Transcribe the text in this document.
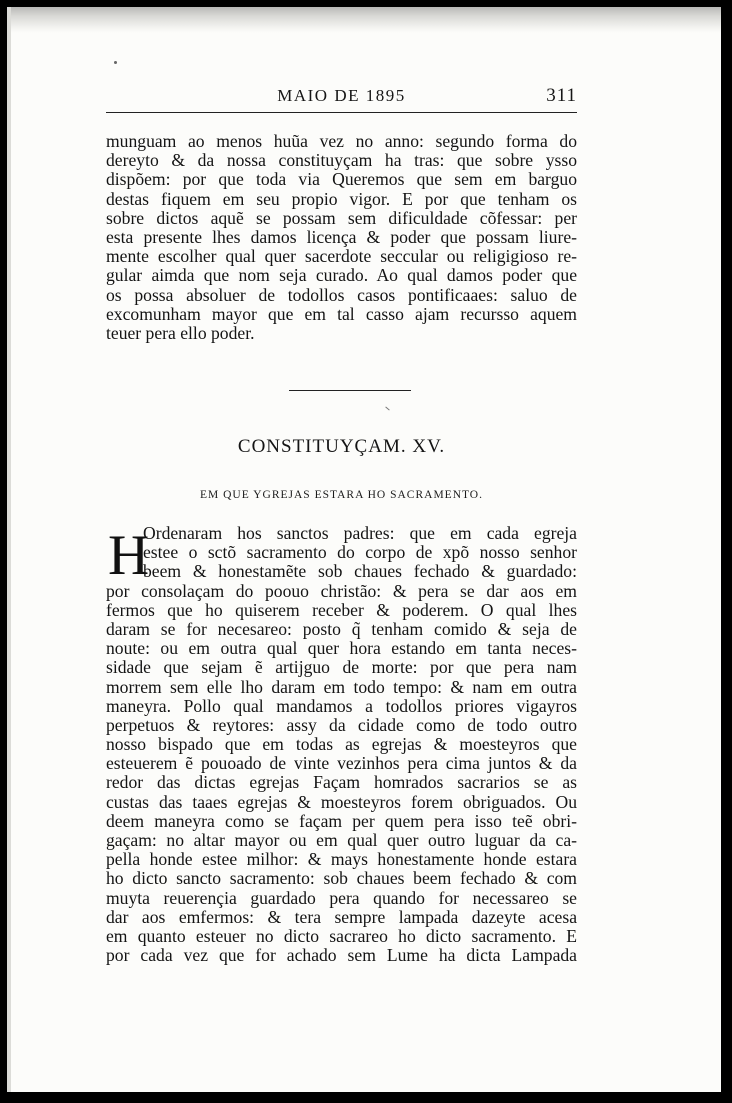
MAIO DE 1895	311
munguam ao menos huũa vez no anno: segundo forma do
dereyto & da nossa constituyçam ha tras: que sobre ysso
dispõem: por que toda via Queremos que sem em barguo
destas fiquem em seu propio vigor. E por que tenham os
sobre dictos aquẽ se possam sem dificuldade cõfessar: per
esta presente lhes damos licença & poder que possam liure-
mente escolher qual quer sacerdote seccular ou religigioso re-
gular aimda que nom seja curado. Ao qual damos poder que
os possa absoluer de todollos casos pontificaaes: saluo de
excomunham mayor que em tal casso ajam recursso aquem
teuer pera ello poder.
CONSTITUYÇAM. XV.
EM QUE YGREJAS ESTARA HO SACRAMENTO.
H
Ordenaram hos sanctos padres: que em cada egreja
estee o sctõ sacramento do corpo de xpõ nosso senhor
beem & honestamẽte sob chaues fechado & guardado:
por consolaçam do poouo christão: & pera se dar aos em
fermos que ho quiserem receber & poderem. O qual lhes
daram se for necesareo: posto q̃ tenham comido & seja de
noute: ou em outra qual quer hora estando em tanta neces-
sidade que sejam ẽ artijguo de morte: por que pera nam
morrem sem elle lho daram em todo tempo: & nam em outra
maneyra. Pollo qual mandamos a todollos priores vigayros
perpetuos & reytores: assy da cidade como de todo outro
nosso bispado que em todas as egrejas & moesteyros que
esteuerem ẽ pouoado de vinte vezinhos pera cima juntos & da
redor das dictas egrejas Façam homrados sacrarios se as
custas das taaes egrejas & moesteyros forem obriguados. Ou
deem maneyra como se façam per quem pera isso teẽ obri-
gaçam: no altar mayor ou em qual quer outro luguar da ca-
pella honde estee milhor: & mays honestamente honde estara
ho dicto sancto sacramento: sob chaues beem fechado & com
muyta reuerençia guardado pera quando for necessareo se
dar aos emfermos: & tera sempre lampada dazeyte acesa
em quanto esteuer no dicto sacrareo ho dicto sacramento. E
por cada vez que for achado sem Lume ha dicta Lampada
